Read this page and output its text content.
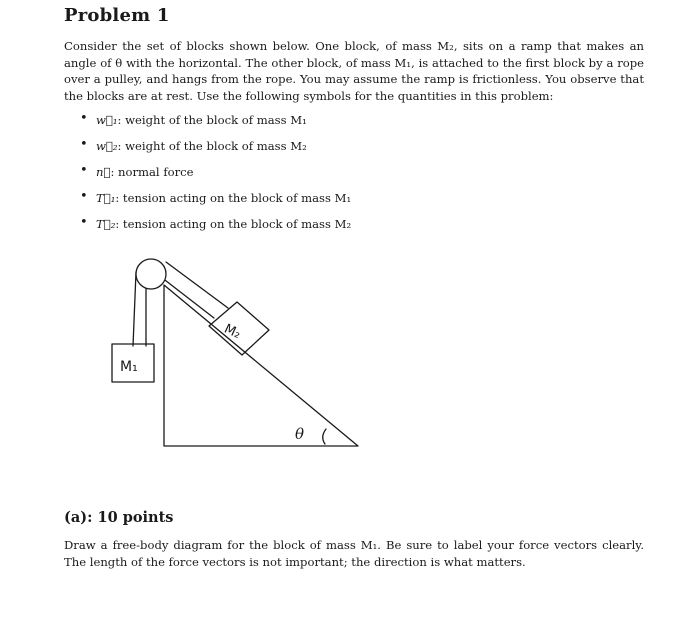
Problem 1

Consider the set of blocks shown below. One block, of mass M₂, sits on a ramp that makes an angle of θ with the horizontal. The other block, of mass M₁, is attached to the first block by a rope over a pulley, and hangs from the rope. You may assume the ramp is frictionless. You observe that the blocks are at rest. Use the following symbols for the quantities in this problem:

• w⃗₁: weight of the block of mass M₁
• w⃗₂: weight of the block of mass M₂
• n⃗: normal force
• T⃗₁: tension acting on the block of mass M₁
• T⃗₂: tension acting on the block of mass M₂
M₁
M₂
θ
(a): 10 points

Draw a free-body diagram for the block of mass M₁. Be sure to label your force vectors clearly. The length of the force vectors is not important; the direction is what matters.
